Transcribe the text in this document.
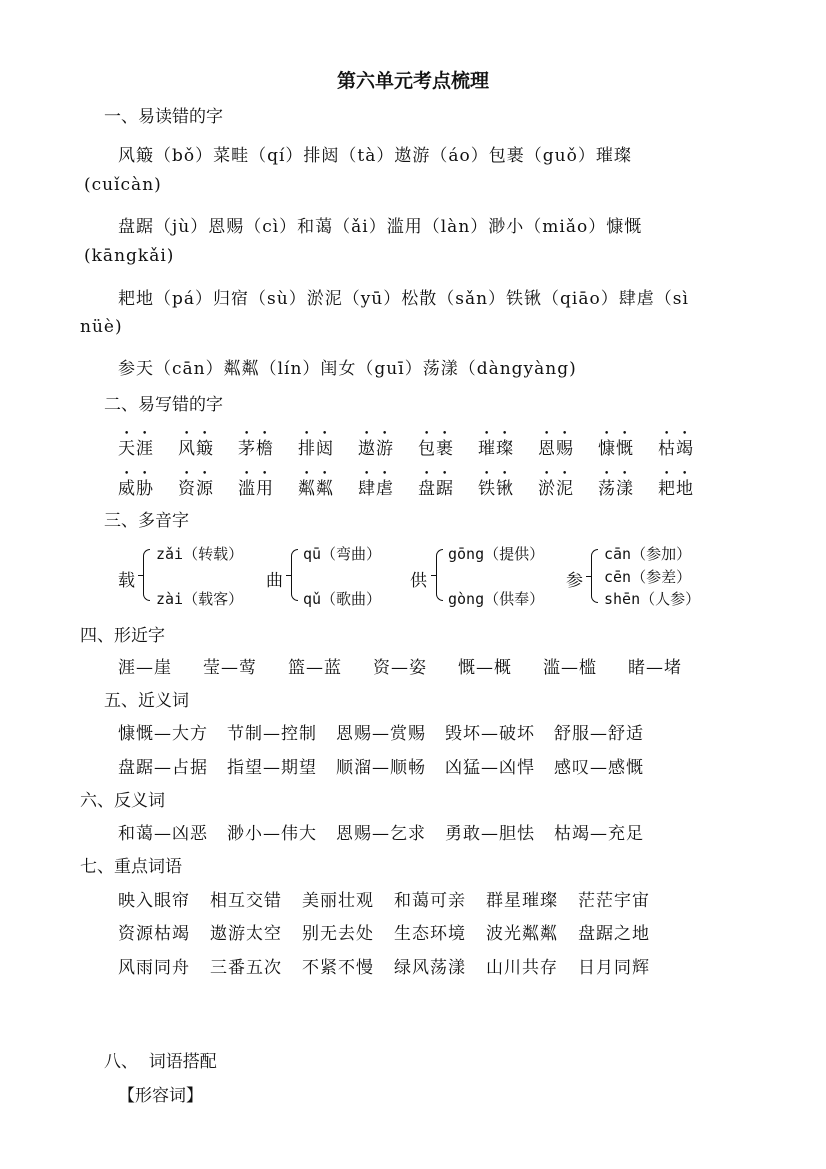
第六单元考点梳理
一、易读错的字
风簸（bǒ）菜畦（qí）排闼（tà）遨游（áo）包裹（guǒ）璀璨
(cuǐcàn)
盘踞（jù）恩赐（cì）和蔼（ǎi）滥用（làn）渺小（miǎo）慷慨
(kāngkǎi)
耙地（pá）归宿（sù）淤泥（yū）松散（sǎn）铁锹（qiāo）肆虐（sì
nüè)
参天（cān）粼粼（lín）闺女（guī）荡漾（dàngyàng)
二、易写错的字
天涯 风簸 茅檐 排闼 遨游 包裹 璀璨 恩赐 慷慨 枯竭
威胁 资源 滥用 粼粼 肆虐 盘踞 铁锹 淤泥 荡漾 耙地
三、多音字
载
zǎi（转载）
zài（载客）
曲
qū（弯曲）
qǔ（歌曲）
供
gōng（提供）
gòng（供奉）
参
cān（参加）
cēn（参差）
shēn（人参）
四、形近字
涯—崖 莹—莺 篮—蓝 资—姿 慨—概 滥—槛 睹—堵
五、近义词
慷慨—大方 节制—控制 恩赐—赏赐 毁坏—破坏 舒服—舒适
盘踞—占据 指望—期望 顺溜—顺畅 凶猛—凶悍 感叹—感慨
六、反义词
和蔼—凶恶 渺小—伟大 恩赐—乞求 勇敢—胆怯 枯竭—充足
七、重点词语
映入眼帘 相互交错 美丽壮观 和蔼可亲 群星璀璨 茫茫宇宙
资源枯竭 遨游太空 别无去处 生态环境 波光粼粼 盘踞之地
风雨同舟 三番五次 不紧不慢 绿风荡漾 山川共存 日月同辉
八、  词语搭配
【形容词】
